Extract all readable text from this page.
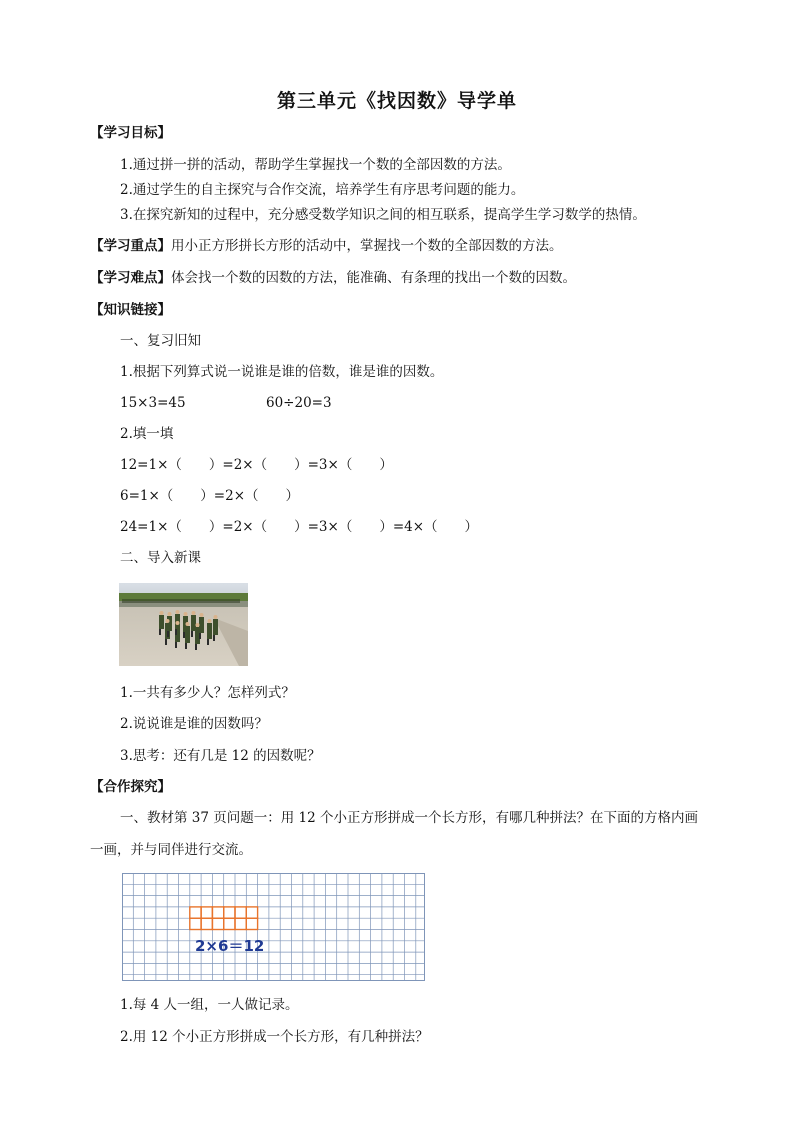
第三单元《找因数》导学单
【学习目标】
1.通过拼一拼的活动，帮助学生掌握找一个数的全部因数的方法。
2.通过学生的自主探究与合作交流，培养学生有序思考问题的能力。
3.在探究新知的过程中，充分感受数学知识之间的相互联系，提高学生学习数学的热情。
【学习重点】用小正方形拼长方形的活动中，掌握找一个数的全部因数的方法。
【学习难点】体会找一个数的因数的方法，能准确、有条理的找出一个数的因数。
【知识链接】
一、复习旧知
1.根据下列算式说一说谁是谁的倍数，谁是谁的因数。
15×3=45	60÷20=3
2.填一填
12=1×（　　）=2×（　　）=3×（　　）
6=1×（　　）=2×（　　）
24=1×（　　）=2×（　　）=3×（　　）=4×（　　）
二、导入新课
1.一共有多少人？怎样列式？
2.说说谁是谁的因数吗？
3.思考：还有几是 12 的因数呢？
【合作探究】
一、教材第 37 页问题一：用 12 个小正方形拼成一个长方形，有哪几种拼法？在下面的方格内画一画，并与同伴进行交流。
2×6＝12
1.每 4 人一组，一人做记录。
2.用 12 个小正方形拼成一个长方形，有几种拼法？
